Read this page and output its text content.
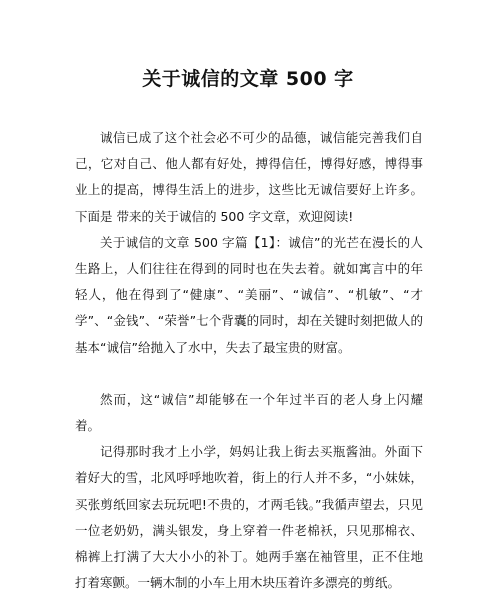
关于诚信的文章 500 字

诚信已成了这个社会必不可少的品德，诚信能完善我们自己，它对自己、他人都有好处，搏得信任，博得好感，博得事业上的提高，博得生活上的进步，这些比无诚信要好上许多。下面是 带来的关于诚信的 500 字文章，欢迎阅读!

关于诚信的文章 500 字篇【1】：诚信”的光芒在漫长的人生路上，人们往往在得到的同时也在失去着。就如寓言中的年轻人，他在得到了“健康”、“美丽”、“诚信”、“机敏”、“才学”、“金钱”、“荣誉”七个背囊的同时，却在关键时刻把做人的基本“诚信”给抛入了水中，失去了最宝贵的财富。

然而，这“诚信”却能够在一个年过半百的老人身上闪耀着。

记得那时我才上小学，妈妈让我上街去买瓶酱油。外面下着好大的雪，北风呼呼地吹着，街上的行人并不多，“小妹妹，买张剪纸回家去玩玩吧!不贵的，才两毛钱。”我循声望去，只见一位老奶奶，满头银发，身上穿着一件老棉袄，只见那棉衣、棉裤上打满了大大小小的补丁。她两手塞在袖管里，正不住地打着寒颤。一辆木制的小车上用木块压着许多漂亮的剪纸。
